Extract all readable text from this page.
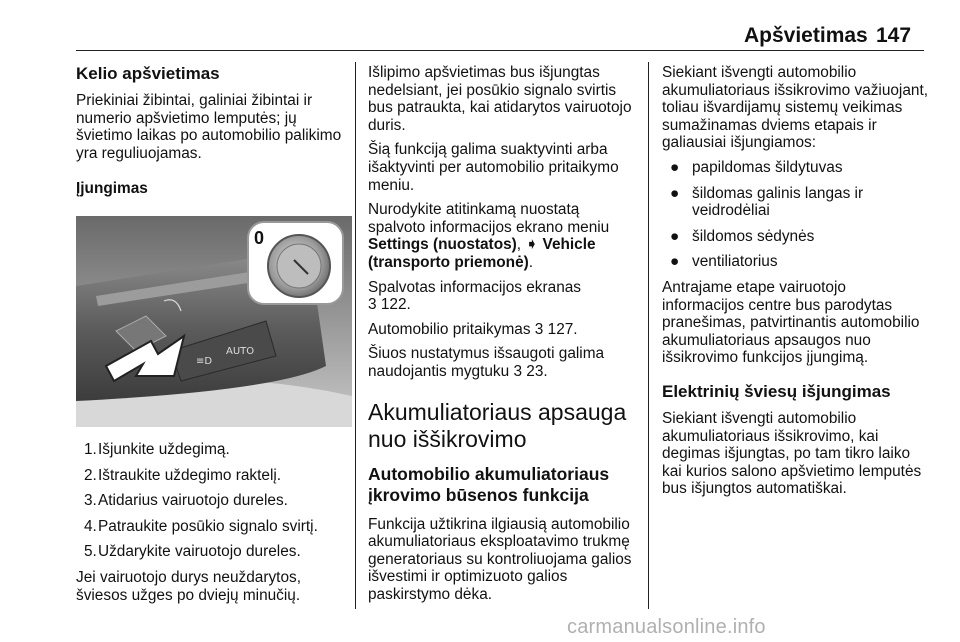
Apšvietimas 147
Kelio apšvietimas

Priekiniai žibintai, galiniai žibintai ir numerio apšvietimo lemputės; jų švietimo laikas po automobilio palikimo yra reguliuojamas.

Įjungimas
≡D
AUTO
0
1. Išjunkite uždegimą.
2. Ištraukite uždegimo raktelį.
3. Atidarius vairuotojo dureles.
4. Patraukite posūkio signalo svirtį.
5. Uždarykite vairuotojo dureles.

Jei vairuotojo durys neuždarytos, šviesos užges po dviejų minučių.

Išlipimo apšvietimas bus išjungtas nedelsiant, jei posūkio signalo svirtis bus patraukta, kai atidarytos vairuotojo duris.

Šią funkciją galima suaktyvinti arba išaktyvinti per automobilio pritaikymo meniu.

Nurodykite atitinkamą nuostatą spalvoto informacijos ekrano meniu
Settings (nuostatos), ➧ Vehicle (transporto priemonė).

Spalvotas informacijos ekranas
3 122.

Automobilio pritaikymas 3 127.

Šiuos nustatymus išsaugoti galima naudojantis mygtuku 3 23.

Akumuliatoriaus apsauga nuo iššikrovimo
Automobilio akumuliatoriaus įkrovimo būsenos funkcija

Funkcija užtikrina ilgiausią automobilio akumuliatoriaus eksploatavimo trukmę generatoriaus su kontroliuojama galios išvestimi ir optimizuoto galios paskirstymo dėka.

Siekiant išvengti automobilio akumuliatoriaus išsikrovimo važiuojant, toliau išvardijamų sistemų veikimas sumažinamas dviems etapais ir galiausiai išjungiamos:

● papildomas šildytuvas
● šildomas galinis langas ir veidrodėliai
● šildomos sėdynės
● ventiliatorius

Antrajame etape vairuotojo informacijos centre bus parodytas pranešimas, patvirtinantis automobilio akumuliatoriaus apsaugos nuo išsikrovimo funkcijos įjungimą.

Elektrinių šviesų išjungimas

Siekiant išvengti automobilio akumuliatoriaus išsikrovimo, kai degimas išjungtas, po tam tikro laiko kai kurios salono apšvietimo lemputės bus išjungtos automatiškai.

carmanualsonline.info
